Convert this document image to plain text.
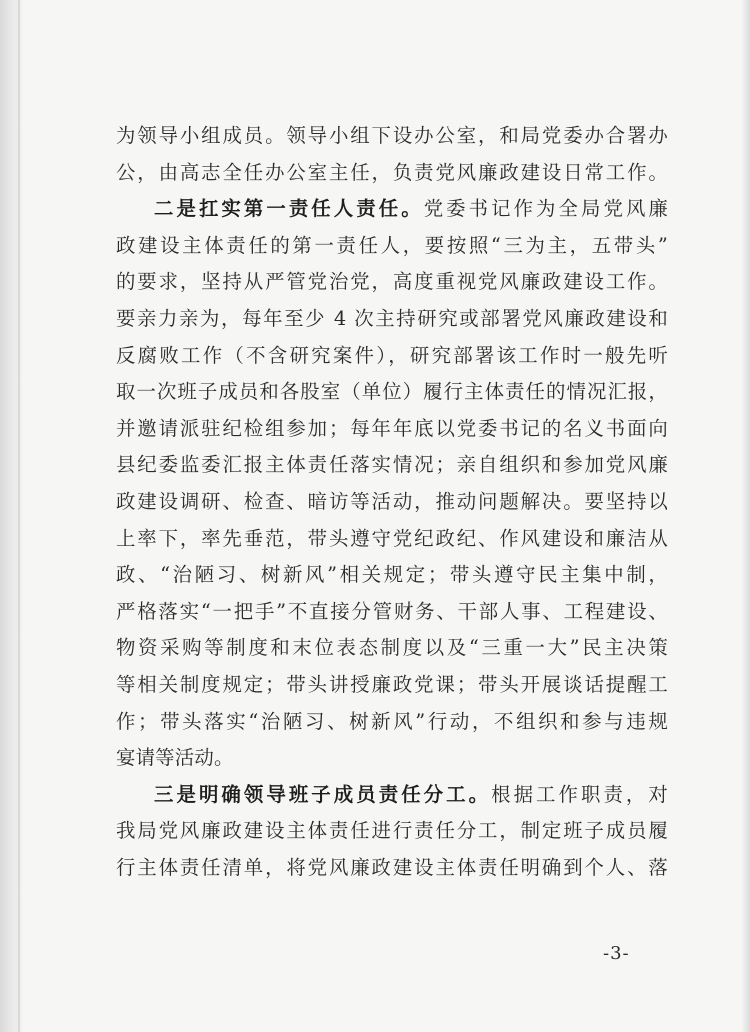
为领导小组成员。领导小组下设办公室，和局党委办合署办
公，由高志全任办公室主任，负责党风廉政建设日常工作。
二是扛实第一责任人责任。党委书记作为全局党风廉
政建设主体责任的第一责任人，要按照“三为主，五带头”
的要求，坚持从严管党治党，高度重视党风廉政建设工作。
要亲力亲为，每年至少 4 次主持研究或部署党风廉政建设和
反腐败工作（不含研究案件），研究部署该工作时一般先听
取一次班子成员和各股室（单位）履行主体责任的情况汇报，
并邀请派驻纪检组参加；每年年底以党委书记的名义书面向
县纪委监委汇报主体责任落实情况；亲自组织和参加党风廉
政建设调研、检查、暗访等活动，推动问题解决。要坚持以
上率下，率先垂范，带头遵守党纪政纪、作风建设和廉洁从
政、“治陋习、树新风”相关规定；带头遵守民主集中制，
严格落实“一把手”不直接分管财务、干部人事、工程建设、
物资采购等制度和末位表态制度以及“三重一大”民主决策
等相关制度规定；带头讲授廉政党课；带头开展谈话提醒工
作；带头落实“治陋习、树新风”行动，不组织和参与违规
宴请等活动。
三是明确领导班子成员责任分工。根据工作职责，对
我局党风廉政建设主体责任进行责任分工，制定班子成员履
行主体责任清单，将党风廉政建设主体责任明确到个人、落
-3-
